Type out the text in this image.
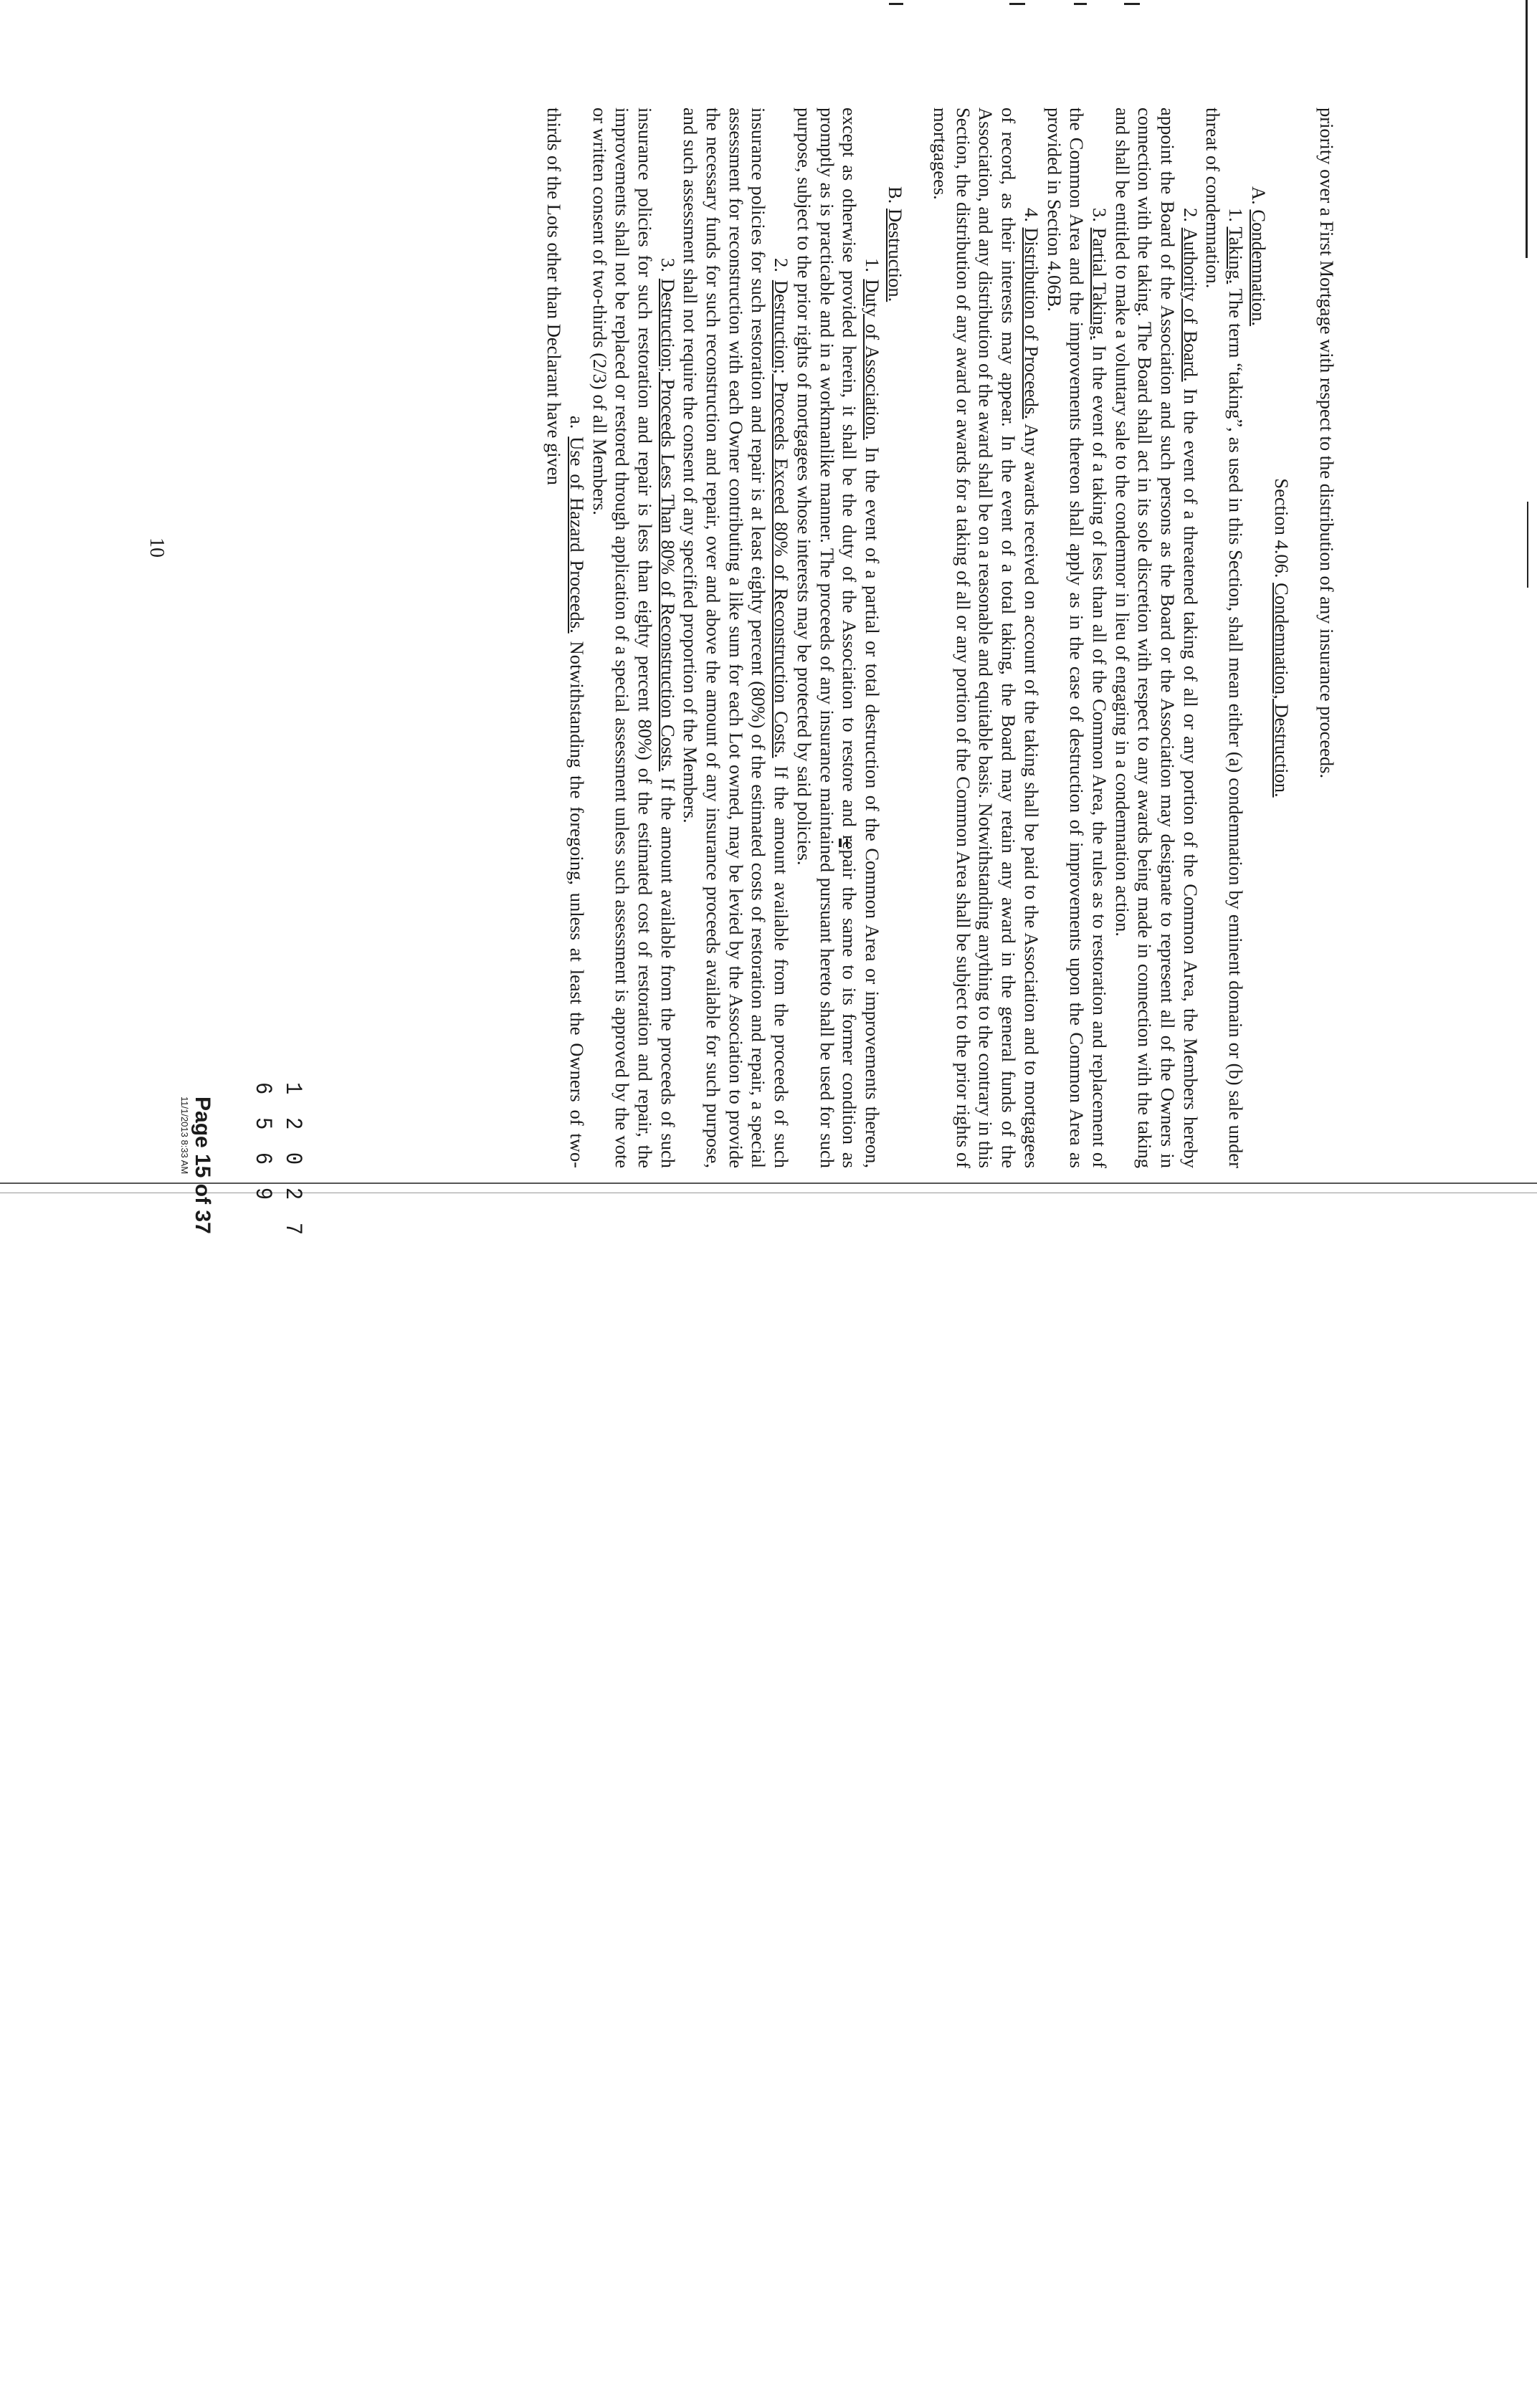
priority over a First Mortgage with respect to the distribution of any insurance proceeds.

Section 4.06. Condemnation, Destruction.

A. Condemnation.

1. Taking. The term “taking”, as used in this Section, shall mean either (a) condemnation by eminent domain or (b) sale under threat of condemnation.

2. Authority of Board. In the event of a threatened taking of all or any portion of the Common Area, the Members hereby appoint the Board of the Association and such persons as the Board or the Association may designate to represent all of the Owners in connection with the taking. The Board shall act in its sole discretion with respect to any awards being made in connection with the taking and shall be entitled to make a voluntary sale to the condemnor in lieu of engaging in a condemnation action.

3. Partial Taking. In the event of a taking of less than all of the Common Area, the rules as to restoration and replacement of the Common Area and the improvements thereon shall apply as in the case of destruction of improvements upon the Common Area as provided in Section 4.06B.

4. Distribution of Proceeds. Any awards received on account of the taking shall be paid to the Association and to mortgagees of record, as their interests may appear. In the event of a total taking, the Board may retain any award in the general funds of the Association, and any distribution of the award shall be on a reasonable and equitable basis. Notwithstanding anything to the contrary in this Section, the distribution of any award or awards for a taking of all or any portion of the Common Area shall be subject to the prior rights of mortgagees.

B. Destruction.

1. Duty of Association. In the event of a partial or total destruction of the Common Area or improvements thereon, except as otherwise provided herein, it shall be the duty of the Association to restore and repair the same to its former condition as promptly as is practicable and in a workmanlike manner. The proceeds of any insurance maintained pursuant hereto shall be used for such purpose, subject to the prior rights of mortgagees whose interests may be protected by said policies.

2. Destruction; Proceeds Exceed 80% of Reconstruction Costs. If the amount available from the proceeds of such insurance policies for such restoration and repair is at least eighty percent (80%) of the estimated costs of restoration and repair, a special assessment for reconstruction with each Owner contributing a like sum for each Lot owned, may be levied by the Association to provide the necessary funds for such reconstruction and repair, over and above the amount of any insurance proceeds available for such purpose, and such assessment shall not require the consent of any specified proportion of the Members.

3. Destruction; Proceeds Less Than 80% of Reconstruction Costs. If the amount available from the proceeds of such insurance policies for such restoration and repair is less than eighty percent 80%) of the estimated cost of restoration and repair, the improvements shall not be replaced or restored through application of a special assessment unless such assessment is approved by the vote or written consent of two-thirds (2/3) of all Members.

a. Use of Hazard Proceeds. Notwithstanding the foregoing, unless at least the Owners of two-thirds of the Lots other than Declarant have given

10
1 2 0 2 7
6 5 6 9
Page 15 of 37
11/1/2013 8:33 AM
